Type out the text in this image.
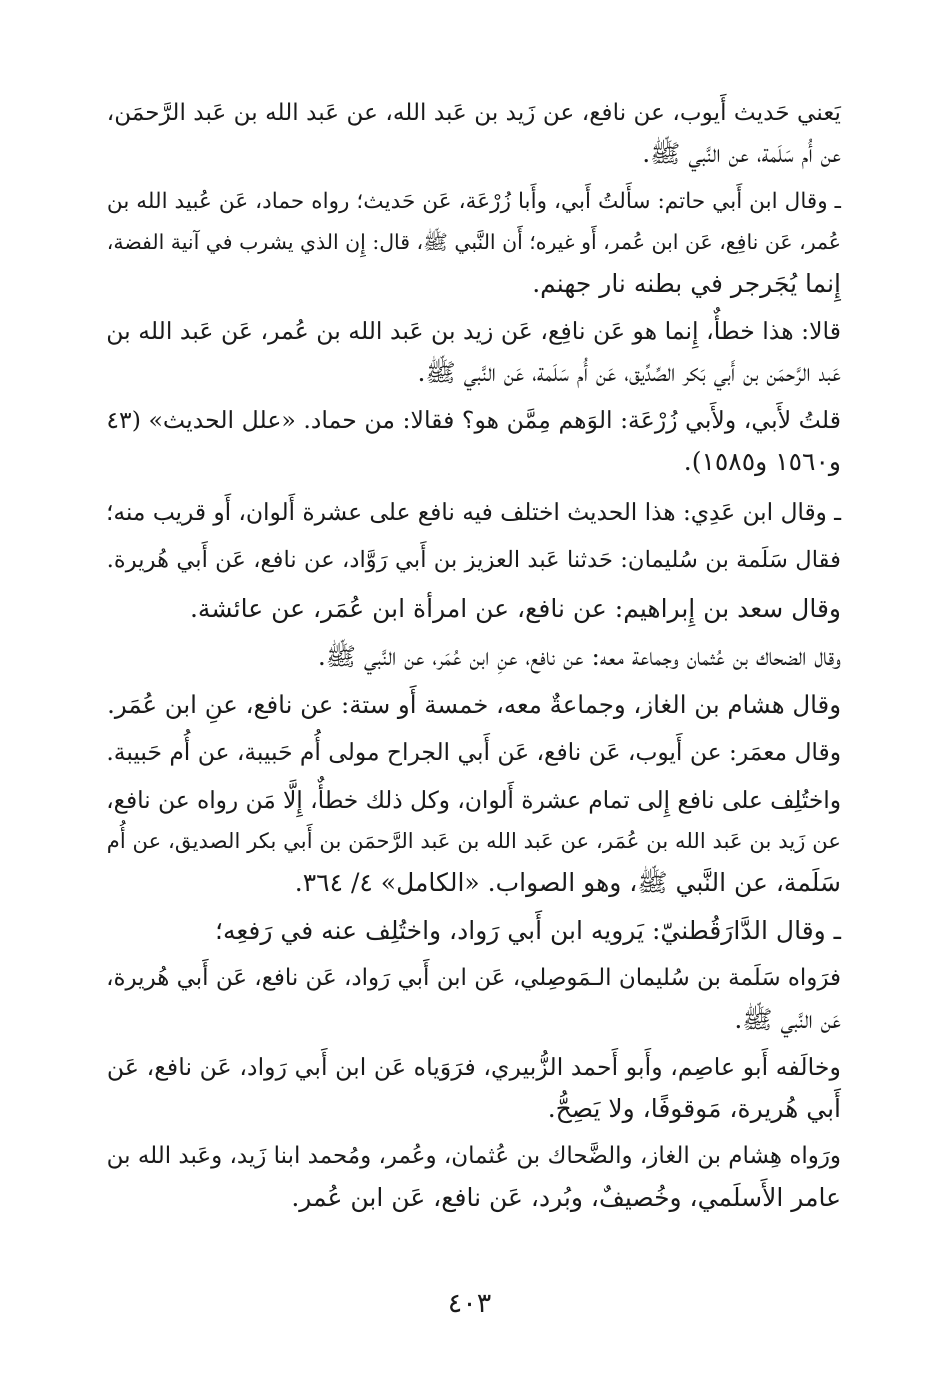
يَعني حَديث أَيوب، عن نافع، عن زَيد بن عَبد الله، عن عَبد الله بن عَبد الرَّحمَن،
عن أُم سَلَمة، عن النَّبي ﷺ.

ـ وقال ابن أَبي حاتم: سأَلتُ أَبي، وأَبا زُرْعَة، عَن حَديث؛ رواه حماد، عَن عُبيد الله بن
عُمر، عَن نافِع، عَن ابن عُمر، أَو غيره؛ أَن النَّبي ﷺ، قال: إِن الذي يشرب في آنية الفضة،
إِنما يُجَرجر في بطنه نار جهنم.

قالا: هذا خطأٌ، إِنما هو عَن نافِع، عَن زيد بن عَبد الله بن عُمر، عَن عَبد الله بن
عَبد الرَّحمَن بن أَبي بَكر الصِّدِّيق، عَن أُم سَلَمة، عَن النَّبي ﷺ.

قلتُ لأَبي، ولأَبي زُرْعَة: الوَهم مِمَّن هو؟ فقالا: من حماد. «علل الحديث» (٤٣
و١٥٦٠ و١٥٨٥).

ـ وقال ابن عَدِي: هذا الحديث اختلف فيه نافع على عشرة أَلوان، أَو قريب منه؛

فقال سَلَمة بن سُليمان: حَدثنا عَبد العزيز بن أَبي رَوَّاد، عن نافع، عَن أَبي هُريرة.

وقال سعد بن إِبراهيم: عن نافع، عن امرأة ابن عُمَر، عن عائشة.

وقال الضحاك بن عُثمان وجماعة معه: عن نافع، عنِ ابن عُمَر، عن النَّبي ﷺ.

وقال هشام بن الغاز، وجماعةٌ معه، خمسة أَو ستة: عن نافع، عنِ ابن عُمَر.

وقال معمَر: عن أَيوب، عَن نافع، عَن أَبي الجراح مولى أُم حَبيبة، عن أُم حَبيبة.

واختُلِف على نافع إِلى تمام عشرة أَلوان، وكل ذلك خطأٌ، إِلَّا مَن رواه عن نافع،
عن زَيد بن عَبد الله بن عُمَر، عن عَبد الله بن عَبد الرَّحمَن بن أَبي بكر الصديق، عن أُم
سَلَمة، عن النَّبي ﷺ، وهو الصواب. «الكامل» ٤/ ٣٦٤.

ـ وقال الدَّارَقُطنيّ: يَرويه ابن أَبي رَواد، واختُلِف عنه في رَفعِه؛

فرَواه سَلَمة بن سُليمان الـمَوصِلي، عَن ابن أَبي رَواد، عَن نافع، عَن أَبي هُريرة،
عَن النَّبي ﷺ.

وخالَفه أَبو عاصِم، وأَبو أَحمد الزُّبيري، فرَوَياه عَن ابن أَبي رَواد، عَن نافع، عَن
أَبي هُريرة، مَوقوفًا، ولا يَصِحُّ.

ورَواه هِشام بن الغاز، والضَّحاك بن عُثمان، وعُمر، ومُحمد ابنا زَيد، وعَبد الله بن
عامر الأَسلَمي، وخُصيفٌ، وبُرد، عَن نافع، عَن ابن عُمر.

٤٠٣
